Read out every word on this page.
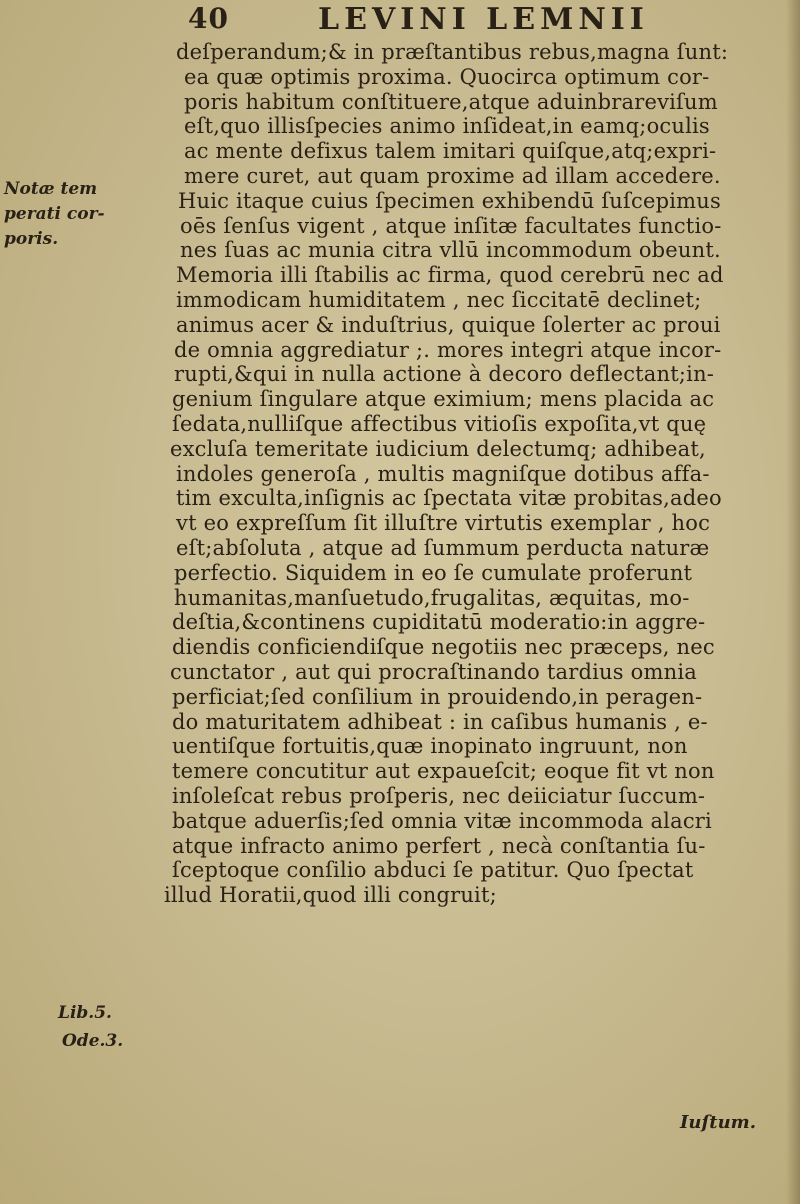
40	LEVINI LEMNII
Notæ tem
perati cor-
poris.
Lib.5.
Ode.3.
deſperandum;& in præſtantibus rebus,magna ſunt:
ea quæ optimis proxima. Quocirca optimum cor-
poris habitum conſtituere,atque aduinbrareviſum
eſt,quo illisſpecies animo inſideat,in eamq;oculis
ac mente defixus talem imitari quiſque,atq;expri-
mere curet, aut quam proxime ad illam accedere.
Huic itaque cuius ſpecimen exhibendū ſuſcepimus
oēs ſenſus vigent , atque inſitæ facultates functio-
nes ſuas ac munia citra vllū incommodum obeunt.
Memoria illi ſtabilis ac firma, quod cerebrū nec ad
immodicam humiditatem , nec ſiccitatē declinet;
animus acer & induſtrius, quique ſolerter ac proui
de omnia aggrediatur ;. mores integri atque incor-
rupti,&qui in nulla actione à decoro deflectant;in-
genium ſingulare atque eximium; mens placida ac
ſedata,nulliſque affectibus vitioſis expoſita,vt quę
excluſa temeritate iudicium delectumq; adhibeat,
indoles generoſa , multis magniſque dotibus affa-
tim exculta,inſignis ac ſpectata vitæ probitas,adeo
vt eo expreſſum ſit illuſtre virtutis exemplar , hoc
eſt;abſoluta , atque ad ſummum perducta naturæ
perfectio. Siquidem in eo ſe cumulate proferunt
humanitas,manſuetudo,frugalitas, æquitas, mo-
deſtia,&continens cupiditatū moderatio:in aggre-
diendis conficiendiſque negotiis nec præceps, nec
cunctator , aut qui procraſtinando tardius omnia
perficiat;ſed conſilium in prouidendo,in peragen-
do maturitatem adhibeat : in caſibus humanis , e-
uentiſque fortuitis,quæ inopinato ingruunt, non
temere concutitur aut expaueſcit; eoque fit vt non
inſoleſcat rebus proſperis, nec deiiciatur ſuccum-
batque aduerſis;ſed omnia vitæ incommoda alacri
atque infracto animo perfert , necà conſtantia ſu-
ſceptoque conſilio abduci ſe patitur. Quo ſpectat
illud Horatii,quod illi congruit;
Iuſtum.
